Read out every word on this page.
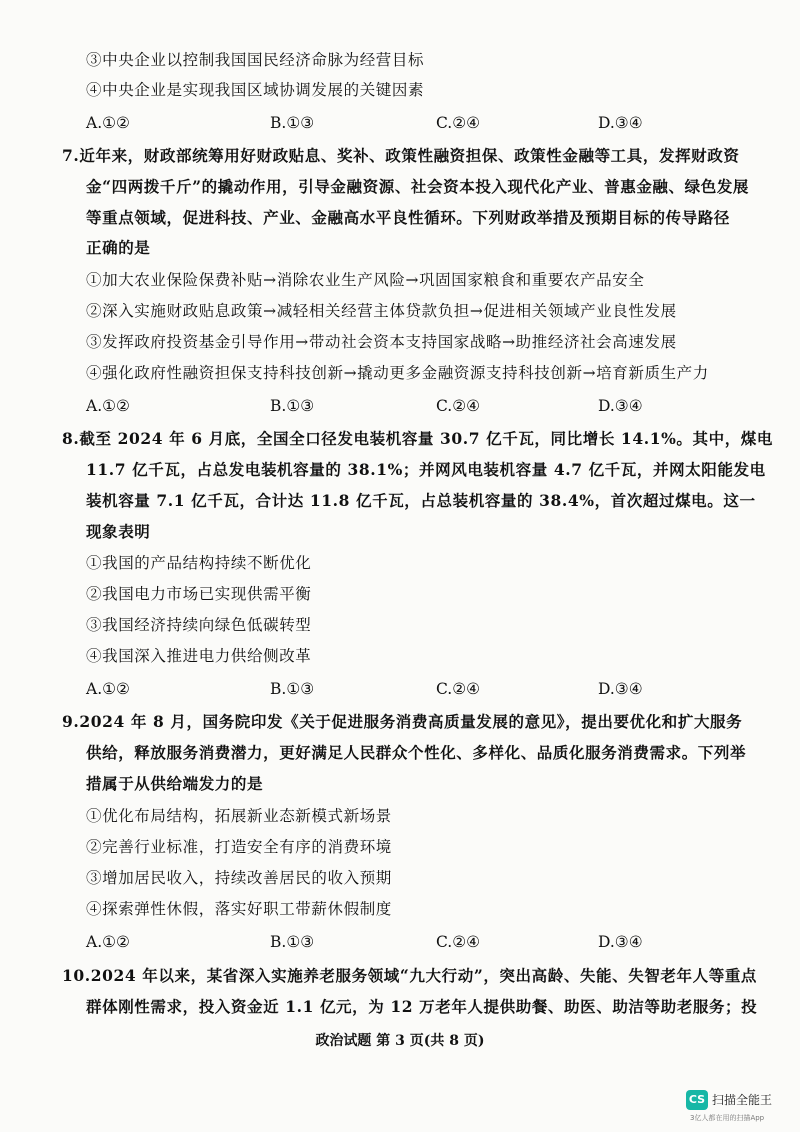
③中央企业以控制我国国民经济命脉为经营目标
④中央企业是实现我国区域协调发展的关键因素
A.①②	B.①③	C.②④	D.③④
7.近年来，财政部统筹用好财政贴息、奖补、政策性融资担保、政策性金融等工具，发挥财政资
金“四两拨千斤”的撬动作用，引导金融资源、社会资本投入现代化产业、普惠金融、绿色发展
等重点领域，促进科技、产业、金融高水平良性循环。下列财政举措及预期目标的传导路径
正确的是
①加大农业保险保费补贴→消除农业生产风险→巩固国家粮食和重要农产品安全
②深入实施财政贴息政策→减轻相关经营主体贷款负担→促进相关领域产业良性发展
③发挥政府投资基金引导作用→带动社会资本支持国家战略→助推经济社会高速发展
④强化政府性融资担保支持科技创新→撬动更多金融资源支持科技创新→培育新质生产力
A.①②	B.①③	C.②④	D.③④
8.截至 2024 年 6 月底，全国全口径发电装机容量 30.7 亿千瓦，同比增长 14.1%。其中，煤电
11.7 亿千瓦，占总发电装机容量的 38.1%；并网风电装机容量 4.7 亿千瓦，并网太阳能发电
装机容量 7.1 亿千瓦，合计达 11.8 亿千瓦，占总装机容量的 38.4%，首次超过煤电。这一
现象表明
①我国的产品结构持续不断优化
②我国电力市场已实现供需平衡
③我国经济持续向绿色低碳转型
④我国深入推进电力供给侧改革
A.①②	B.①③	C.②④	D.③④
9.2024 年 8 月，国务院印发《关于促进服务消费高质量发展的意见》，提出要优化和扩大服务
供给，释放服务消费潜力，更好满足人民群众个性化、多样化、品质化服务消费需求。下列举
措属于从供给端发力的是
①优化布局结构，拓展新业态新模式新场景
②完善行业标准，打造安全有序的消费环境
③增加居民收入，持续改善居民的收入预期
④探索弹性休假，落实好职工带薪休假制度
A.①②	B.①③	C.②④	D.③④
10.2024 年以来，某省深入实施养老服务领域“九大行动”，突出高龄、失能、失智老年人等重点
群体刚性需求，投入资金近 1.1 亿元，为 12 万老年人提供助餐、助医、助洁等助老服务；投
政治试题 第 3 页(共 8 页)
CS 扫描全能王
3亿人都在用的扫描App
